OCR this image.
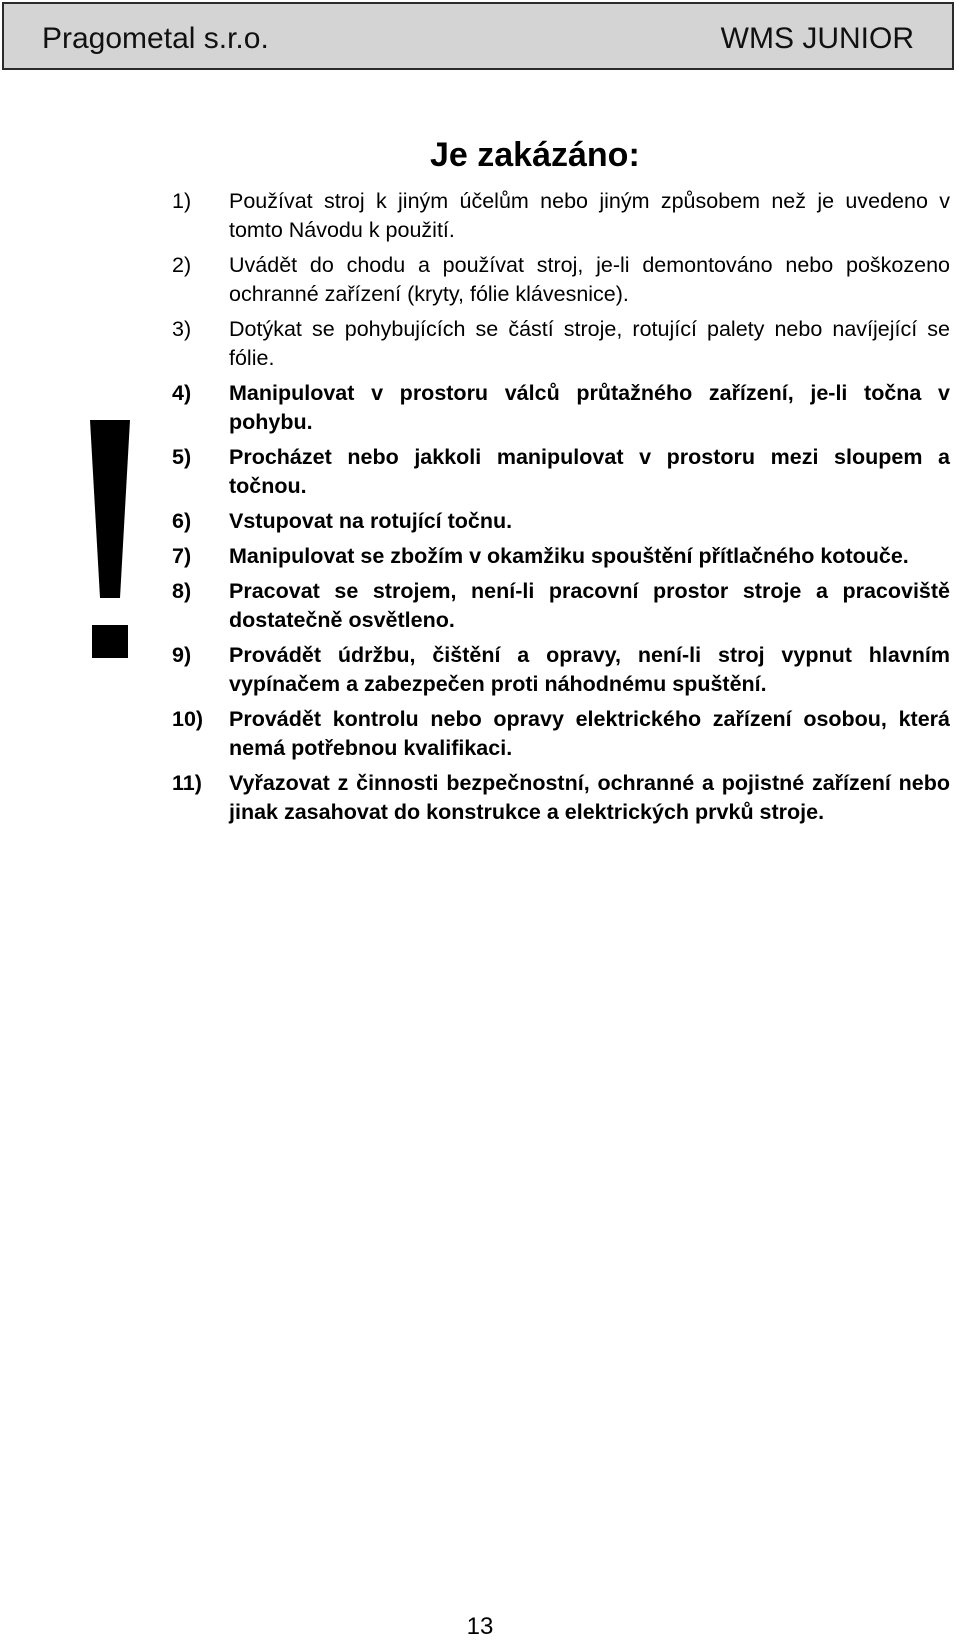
Pragometal s.r.o.	WMS JUNIOR
Je zakázáno:
1)	Používat stroj k jiným účelům nebo jiným způsobem než je uvedeno v tomto Návodu k použití.
2)	Uvádět do chodu a používat stroj, je-li demontováno nebo poškozeno ochranné zařízení (kryty, fólie klávesnice).
3)	Dotýkat se pohybujících se částí stroje, rotující palety nebo navíjející se fólie.
4)	Manipulovat v prostoru válců průtažného zařízení, je-li točna v pohybu.
5)	Procházet nebo jakkoli manipulovat v prostoru mezi sloupem a točnou.
6)	Vstupovat na rotující točnu.
7)	Manipulovat se zbožím v okamžiku spouštění přítlačného kotouče.
8)	Pracovat se strojem, není-li pracovní prostor stroje a pracoviště dostatečně osvětleno.
9)	Provádět údržbu, čištění a opravy, není-li stroj vypnut hlavním vypínačem a zabezpečen proti náhodnému spuštění.
10)	Provádět kontrolu nebo opravy elektrického zařízení osobou, která nemá potřebnou kvalifikaci.
11)	Vyřazovat z činnosti bezpečnostní, ochranné a pojistné zařízení nebo jinak zasahovat do konstrukce a elektrických prvků stroje.
13
